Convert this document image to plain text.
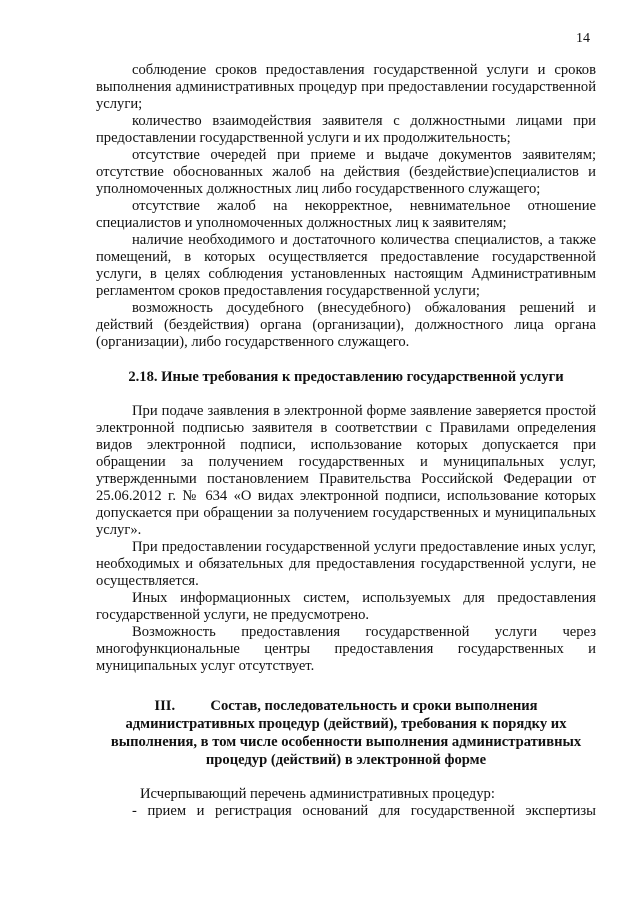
14

соблюдение сроков предоставления государственной услуги и сроков выполнения административных процедур при предоставлении государственной услуги;

количество взаимодействия заявителя с должностными лицами при предоставлении государственной услуги и их продолжительность;

отсутствие очередей при приеме и выдаче документов заявителям; отсутствие обоснованных жалоб на действия (бездействие)специалистов и уполномоченных должностных лиц либо государственного служащего;

отсутствие жалоб на некорректное, невнимательное отношение специалистов и уполномоченных должностных лиц к заявителям;

наличие необходимого и достаточного количества специалистов, а также помещений, в которых осуществляется предоставление государственной услуги, в целях соблюдения установленных настоящим Административным регламентом сроков предоставления государственной услуги;

возможность досудебного (внесудебного) обжалования решений и действий (бездействия) органа (организации), должностного лица органа (организации), либо государственного служащего.

2.18. Иные требования к предоставлению государственной услуги

При подаче заявления в электронной форме заявление заверяется простой электронной подписью заявителя в соответствии с Правилами определения видов электронной подписи, использование которых допускается при обращении за получением государственных и муниципальных услуг, утвержденными постановлением Правительства Российской Федерации от 25.06.2012 г. № 634 «О видах электронной подписи, использование которых допускается при обращении за получением государственных и муниципальных услуг».

При предоставлении государственной услуги предоставление иных услуг, необходимых и обязательных для предоставления государственной услуги, не осуществляется.

Иных информационных систем, используемых для предоставления государственной услуги, не предусмотрено.

Возможность предоставления государственной услуги через многофункциональные центры предоставления государственных и муниципальных услуг отсутствует.

III. Состав, последовательность и сроки выполнения
административных процедур (действий), требования к порядку их выполнения, в том числе особенности выполнения административных процедур (действий) в электронной форме

Исчерпывающий перечень административных процедур:

- прием и регистрация оснований для государственной экспертизы
